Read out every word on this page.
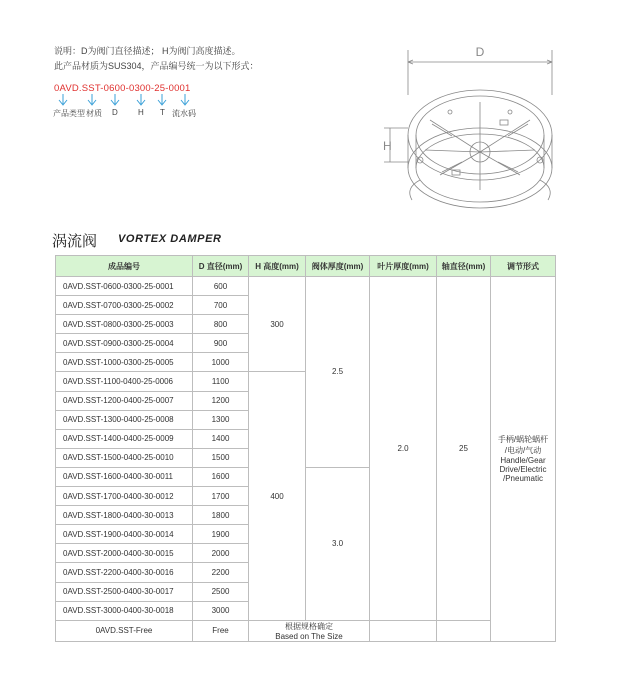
说明：D为阀门直径描述； H为阀门高度描述。
此产品材质为SUS304，产品编号统一为以下形式：
0AVD.SST-0600-0300-25-0001
产品类型 材质 D	H T 流水码
D
H
涡流阀 VORTEX DAMPER
成品编号	D 直径(mm)	H 高度(mm)	阀体厚度(mm)	叶片厚度(mm)	轴直径(mm)	调节形式
0AVD.SST-0600-0300-25-0001	600	300	2.5	2.0	25	手柄/蜗轮蜗杆
/电动/气动
Handle/Gear
Drive/Electric
/Pneumatic

0AVD.SST-0700-0300-25-0002	700					
0AVD.SST-0800-0300-25-0003	800					
0AVD.SST-0900-0300-25-0004	900					
0AVD.SST-1000-0300-25-0005	1000					
0AVD.SST-1100-0400-25-0006	1100	400				
0AVD.SST-1200-0400-25-0007	1200					
0AVD.SST-1300-0400-25-0008	1300					
0AVD.SST-1400-0400-25-0009	1400					
0AVD.SST-1500-0400-25-0010	1500					
0AVD.SST-1600-0400-30-0011	1600		3.0			
0AVD.SST-1700-0400-30-0012	1700					
0AVD.SST-1800-0400-30-0013	1800					
0AVD.SST-1900-0400-30-0014	1900					
0AVD.SST-2000-0400-30-0015	2000					
0AVD.SST-2200-0400-30-0016	2200					
0AVD.SST-2500-0400-30-0017	2500					
0AVD.SST-3000-0400-30-0018	3000					
0AVD.SST-Free	Free	根据规格确定
Based on The Size				
